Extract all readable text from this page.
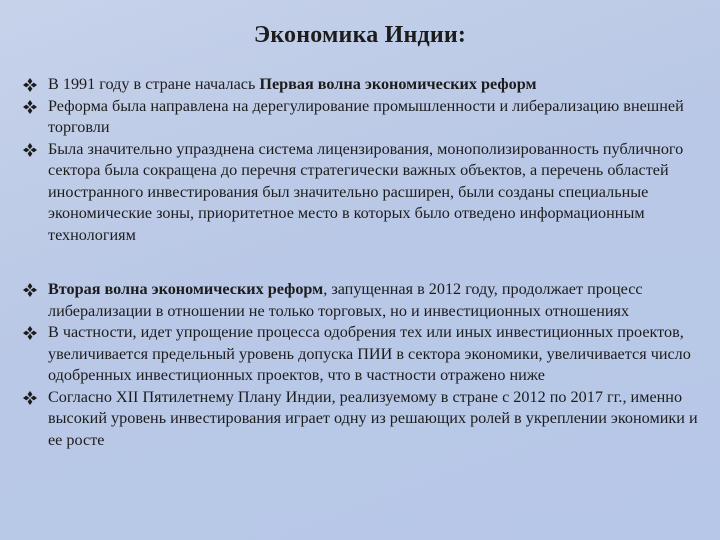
Экономика Индии:

В 1991 году в стране началась Первая волна экономических реформ

Реформа была направлена на дерегулирование промышленности и либерализацию внешней торговли

Была значительно упразднена система лицензирования, монополизированность публичного сектора была сокращена до перечня стратегически важных объектов, а перечень областей иностранного инвестирования был значительно расширен, были созданы специальные экономические зоны, приоритетное место в которых было отведено информационным технологиям

Вторая волна экономических реформ, запущенная в 2012 году, продолжает процесс либерализации в отношении не только торговых, но и инвестиционных отношениях

В частности, идет упрощение процесса одобрения тех или иных инвестиционных проектов, увеличивается предельный уровень допуска ПИИ в сектора экономики, увеличивается число одобренных инвестиционных проектов, что в частности отражено ниже

Согласно XII Пятилетнему Плану Индии, реализуемому в стране с 2012 по 2017 гг., именно высокий уровень инвестирования играет одну из решающих ролей в укреплении экономики и ее росте
